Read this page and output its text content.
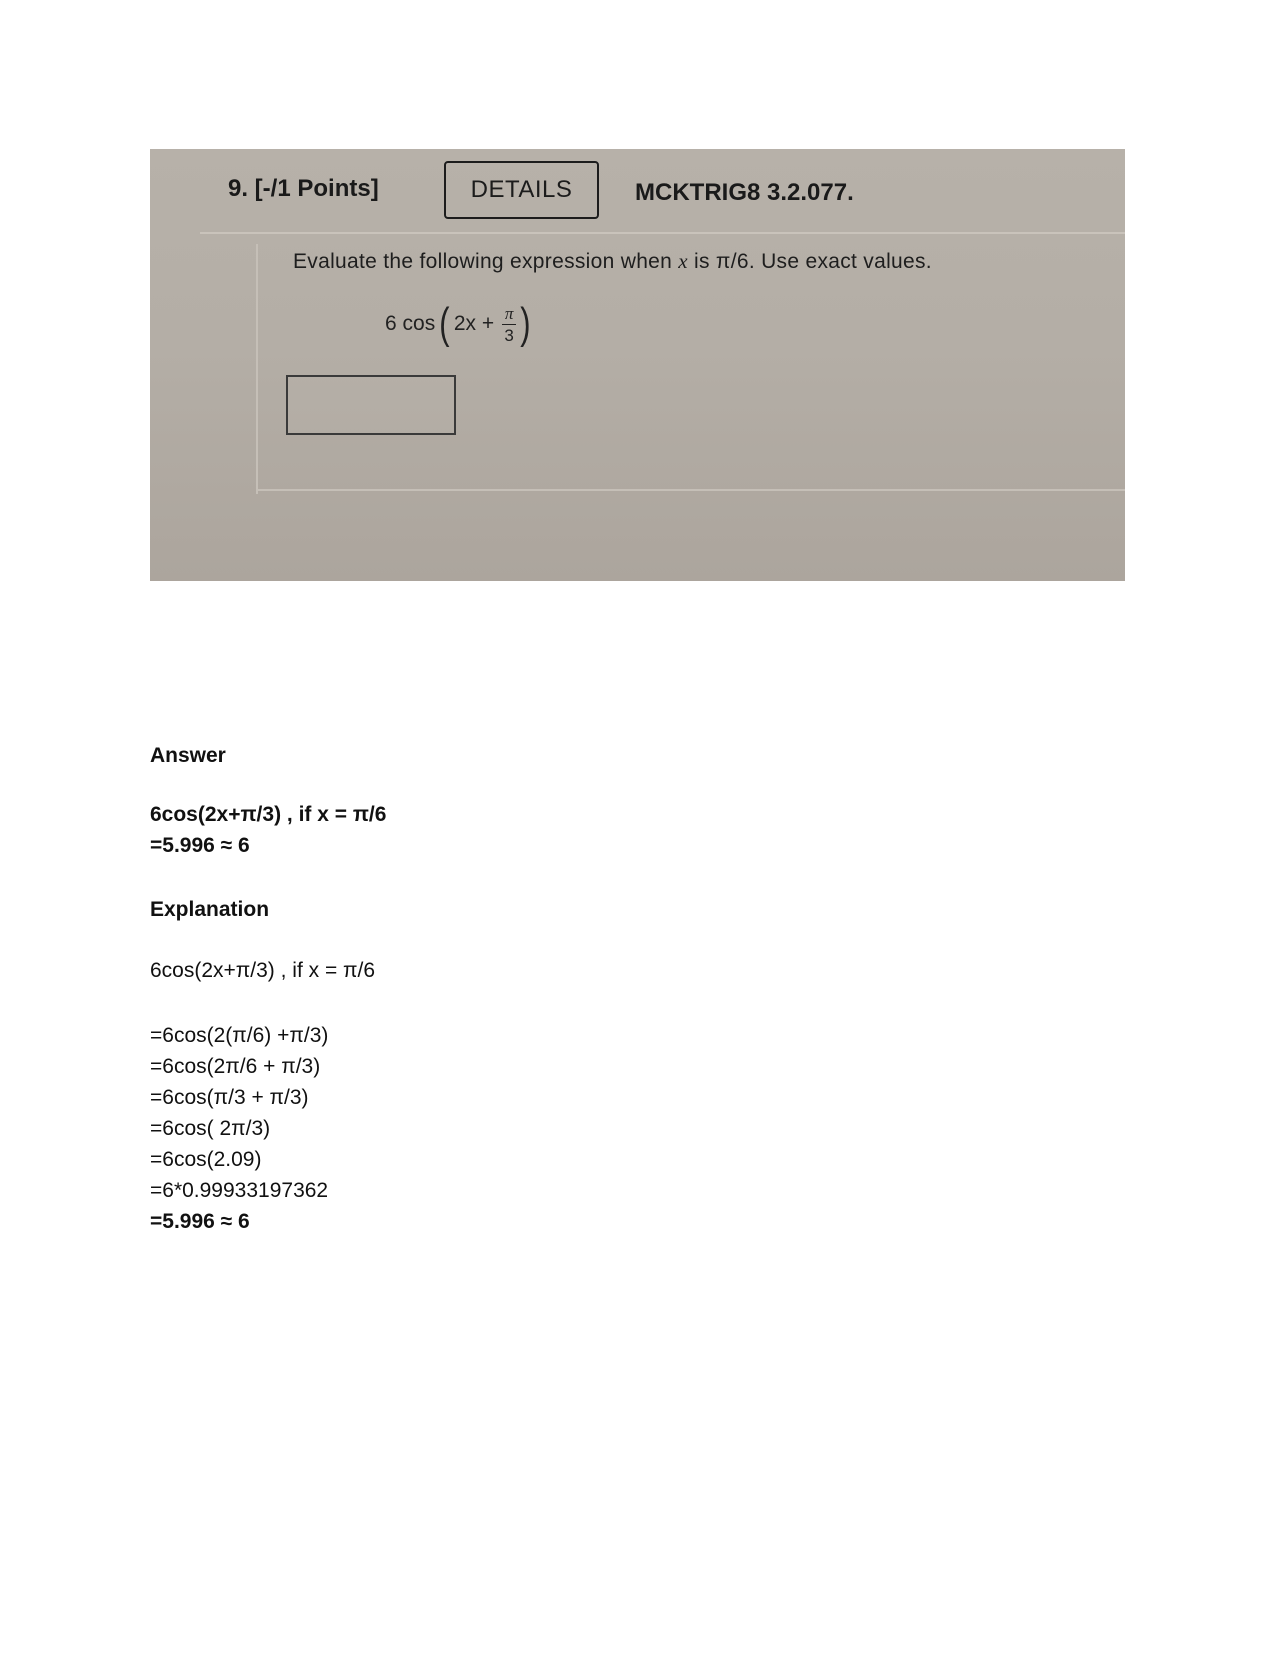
9. [-/1 Points]	DETAILS	MCKTRIG8 3.2.077.
Evaluate the following expression when x is π/6. Use exact values.
6 cos ( $2x + \frac{\pi}{3}$ )
Answer
6cos(2x+π/3) , if x = π/6
=5.996 ≈ 6
Explanation
6cos(2x+π/3) , if x = π/6
=6cos(2(π/6) +π/3)
=6cos(2π/6 + π/3)
=6cos(π/3 + π/3)
=6cos( 2π/3)
=6cos(2.09)
=6*0.99933197362
=5.996 ≈ 6
